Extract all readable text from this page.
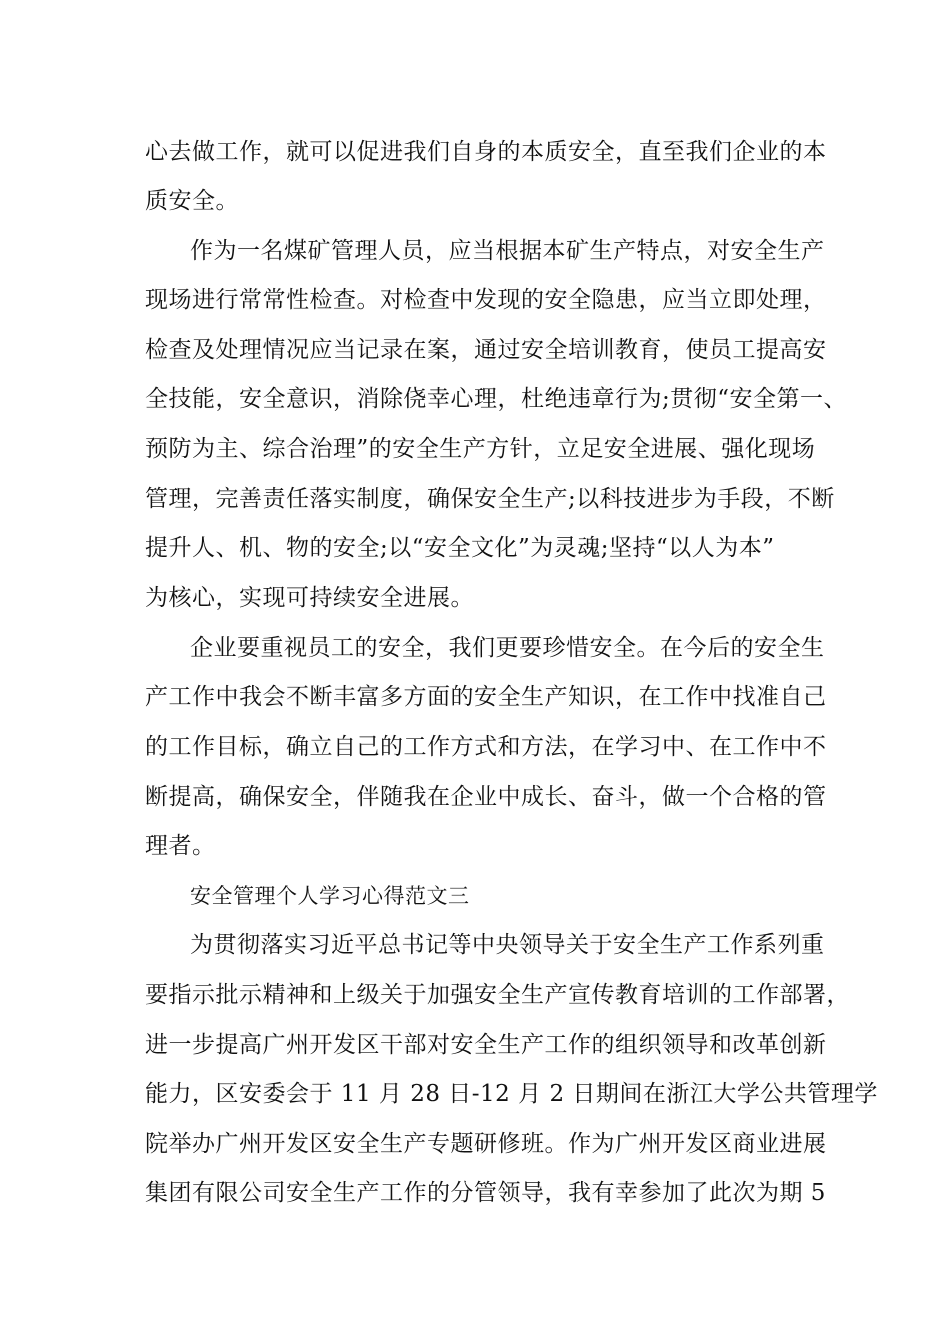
心去做工作，就可以促进我们自身的本质安全，直至我们企业的本
质安全。
作为一名煤矿管理人员，应当根据本矿生产特点，对安全生产
现场进行常常性检查。对检查中发现的安全隐患，应当立即处理，
检查及处理情况应当记录在案，通过安全培训教育，使员工提高安
全技能，安全意识，消除侥幸心理，杜绝违章行为;贯彻“安全第一、
预防为主、综合治理”的安全生产方针，立足安全进展、强化现场
管理，完善责任落实制度，确保安全生产;以科技进步为手段，不断
提升人、机、物的安全;以“安全文化”为灵魂;坚持“以人为本”
为核心，实现可持续安全进展。
企业要重视员工的安全，我们更要珍惜安全。在今后的安全生
产工作中我会不断丰富多方面的安全生产知识，在工作中找准自己
的工作目标，确立自己的工作方式和方法，在学习中、在工作中不
断提高，确保安全，伴随我在企业中成长、奋斗，做一个合格的管
理者。
安全管理个人学习心得范文三
为贯彻落实习近平总书记等中央领导关于安全生产工作系列重
要指示批示精神和上级关于加强安全生产宣传教育培训的工作部署，
进一步提高广州开发区干部对安全生产工作的组织领导和改革创新
能力，区安委会于 11 月 28 日-12 月 2 日期间在浙江大学公共管理学
院举办广州开发区安全生产专题研修班。作为广州开发区商业进展
集团有限公司安全生产工作的分管领导，我有幸参加了此次为期 5
